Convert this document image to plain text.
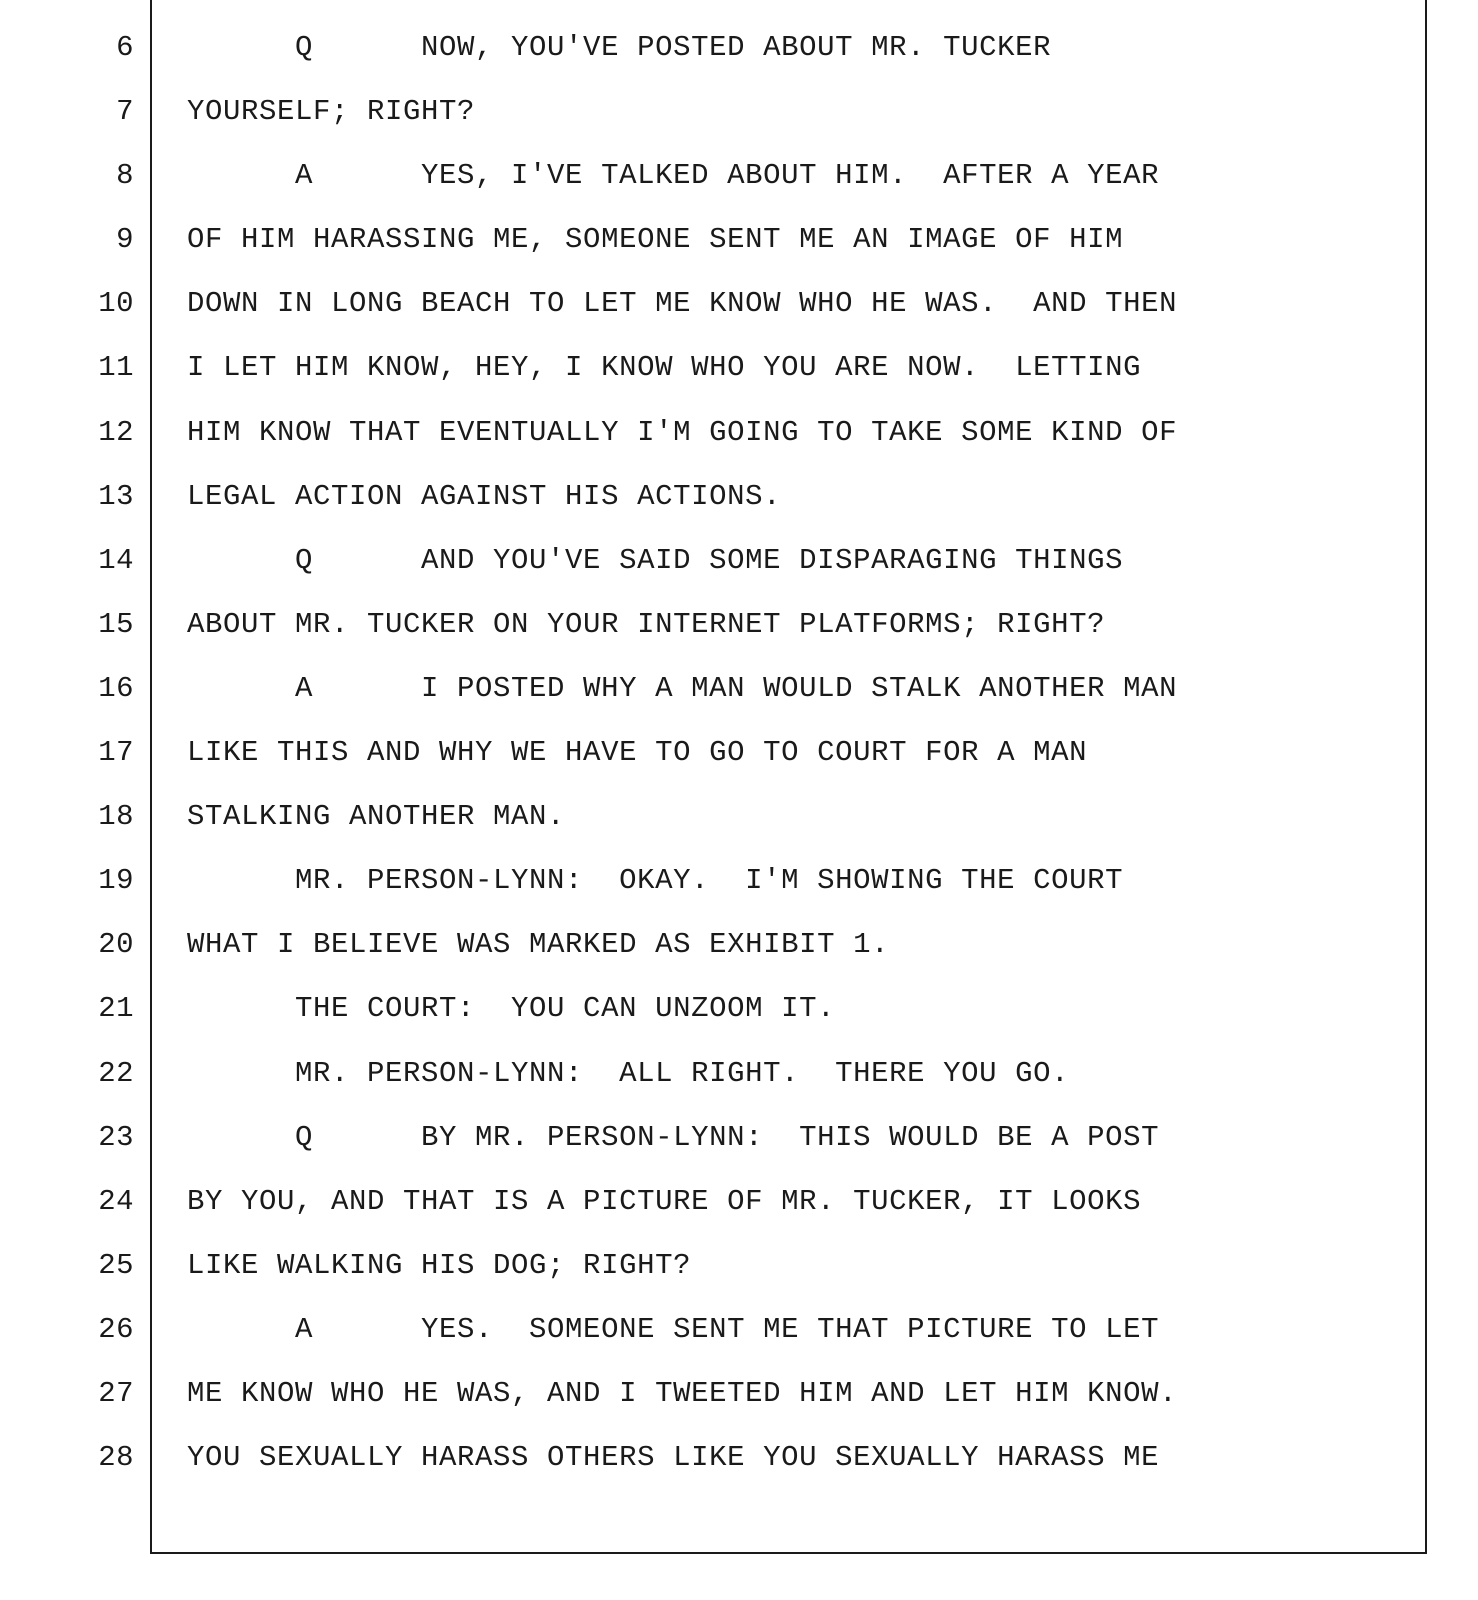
6
7
8
9
10
11
12
13
14
15
16
17
18
19
20
21
22
23
24
25
26
27
28
Q      NOW, YOU'VE POSTED ABOUT MR. TUCKER
YOURSELF; RIGHT?
A      YES, I'VE TALKED ABOUT HIM.  AFTER A YEAR
OF HIM HARASSING ME, SOMEONE SENT ME AN IMAGE OF HIM
DOWN IN LONG BEACH TO LET ME KNOW WHO HE WAS.  AND THEN
I LET HIM KNOW, HEY, I KNOW WHO YOU ARE NOW.  LETTING
HIM KNOW THAT EVENTUALLY I'M GOING TO TAKE SOME KIND OF
LEGAL ACTION AGAINST HIS ACTIONS.
Q      AND YOU'VE SAID SOME DISPARAGING THINGS
ABOUT MR. TUCKER ON YOUR INTERNET PLATFORMS; RIGHT?
A      I POSTED WHY A MAN WOULD STALK ANOTHER MAN
LIKE THIS AND WHY WE HAVE TO GO TO COURT FOR A MAN
STALKING ANOTHER MAN.
MR. PERSON-LYNN:  OKAY.  I'M SHOWING THE COURT
WHAT I BELIEVE WAS MARKED AS EXHIBIT 1.
THE COURT:  YOU CAN UNZOOM IT.
MR. PERSON-LYNN:  ALL RIGHT.  THERE YOU GO.
Q      BY MR. PERSON-LYNN:  THIS WOULD BE A POST
BY YOU, AND THAT IS A PICTURE OF MR. TUCKER, IT LOOKS
LIKE WALKING HIS DOG; RIGHT?
A      YES.  SOMEONE SENT ME THAT PICTURE TO LET
ME KNOW WHO HE WAS, AND I TWEETED HIM AND LET HIM KNOW.
YOU SEXUALLY HARASS OTHERS LIKE YOU SEXUALLY HARASS ME
